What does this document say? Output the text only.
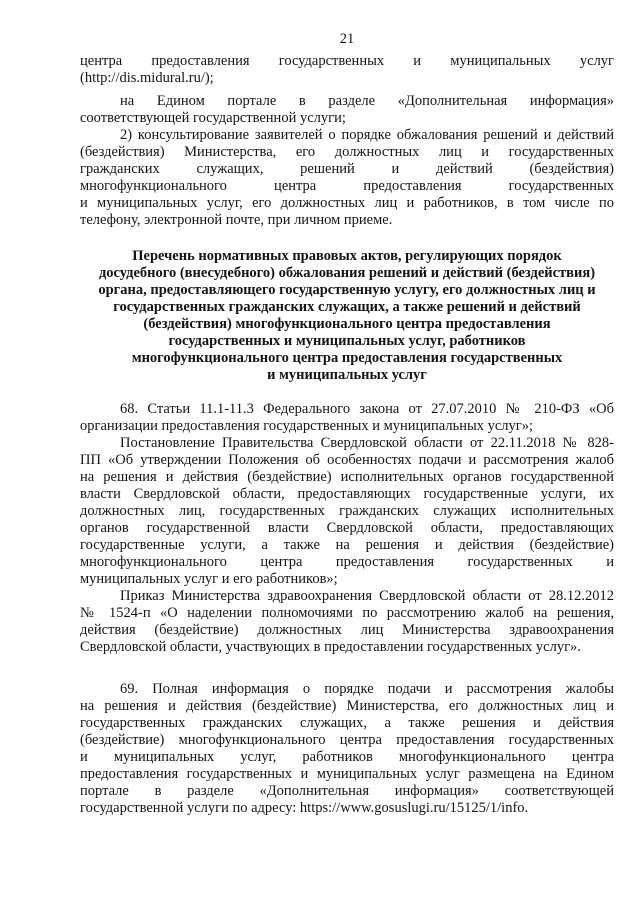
21
центра предоставления государственных и муниципальных услуг
(http://dis.midural.ru/);
на Едином портале в разделе «Дополнительная информация»
соответствующей государственной услуги;
2) консультирование заявителей о порядке обжалования решений и действий
(бездействия) Министерства, его должностных лиц и государственных
гражданских служащих, решений и действий (бездействия)
многофункционального центра предоставления государственных
и муниципальных услуг, его должностных лиц и работников, в том числе по
телефону, электронной почте, при личном приеме.
Перечень нормативных правовых актов, регулирующих порядок
досудебного (внесудебного) обжалования решений и действий (бездействия)
органа, предоставляющего государственную услугу, его должностных лиц и
государственных гражданских служащих, а также решений и действий
(бездействия) многофункционального центра предоставления
государственных и муниципальных услуг, работников
многофункционального центра предоставления государственных
и муниципальных услуг
68. Статьи 11.1-11.3 Федерального закона от 27.07.2010 № 210-ФЗ «Об
организации предоставления государственных и муниципальных услуг»;
Постановление Правительства Свердловской области от 22.11.2018 № 828-
ПП «Об утверждении Положения об особенностях подачи и рассмотрения жалоб
на решения и действия (бездействие) исполнительных органов государственной
власти Свердловской области, предоставляющих государственные услуги, их
должностных лиц, государственных гражданских служащих исполнительных
органов государственной власти Свердловской области, предоставляющих
государственные услуги, а также на решения и действия (бездействие)
многофункционального центра предоставления государственных и
муниципальных услуг и его работников»;
Приказ Министерства здравоохранения Свердловской области от 28.12.2012
№ 1524-п «О наделении полномочиями по рассмотрению жалоб на решения,
действия (бездействие) должностных лиц Министерства здравоохранения
Свердловской области, участвующих в предоставлении государственных услуг».
69. Полная информация о порядке подачи и рассмотрения жалобы
на решения и действия (бездействие) Министерства, его должностных лиц и
государственных гражданских служащих, а также решения и действия
(бездействие) многофункционального центра предоставления государственных
и муниципальных услуг, работников многофункционального центра
предоставления государственных и муниципальных услуг размещена на Едином
портале в разделе «Дополнительная информация» соответствующей
государственной услуги по адресу: https://www.gosuslugi.ru/15125/1/info.
